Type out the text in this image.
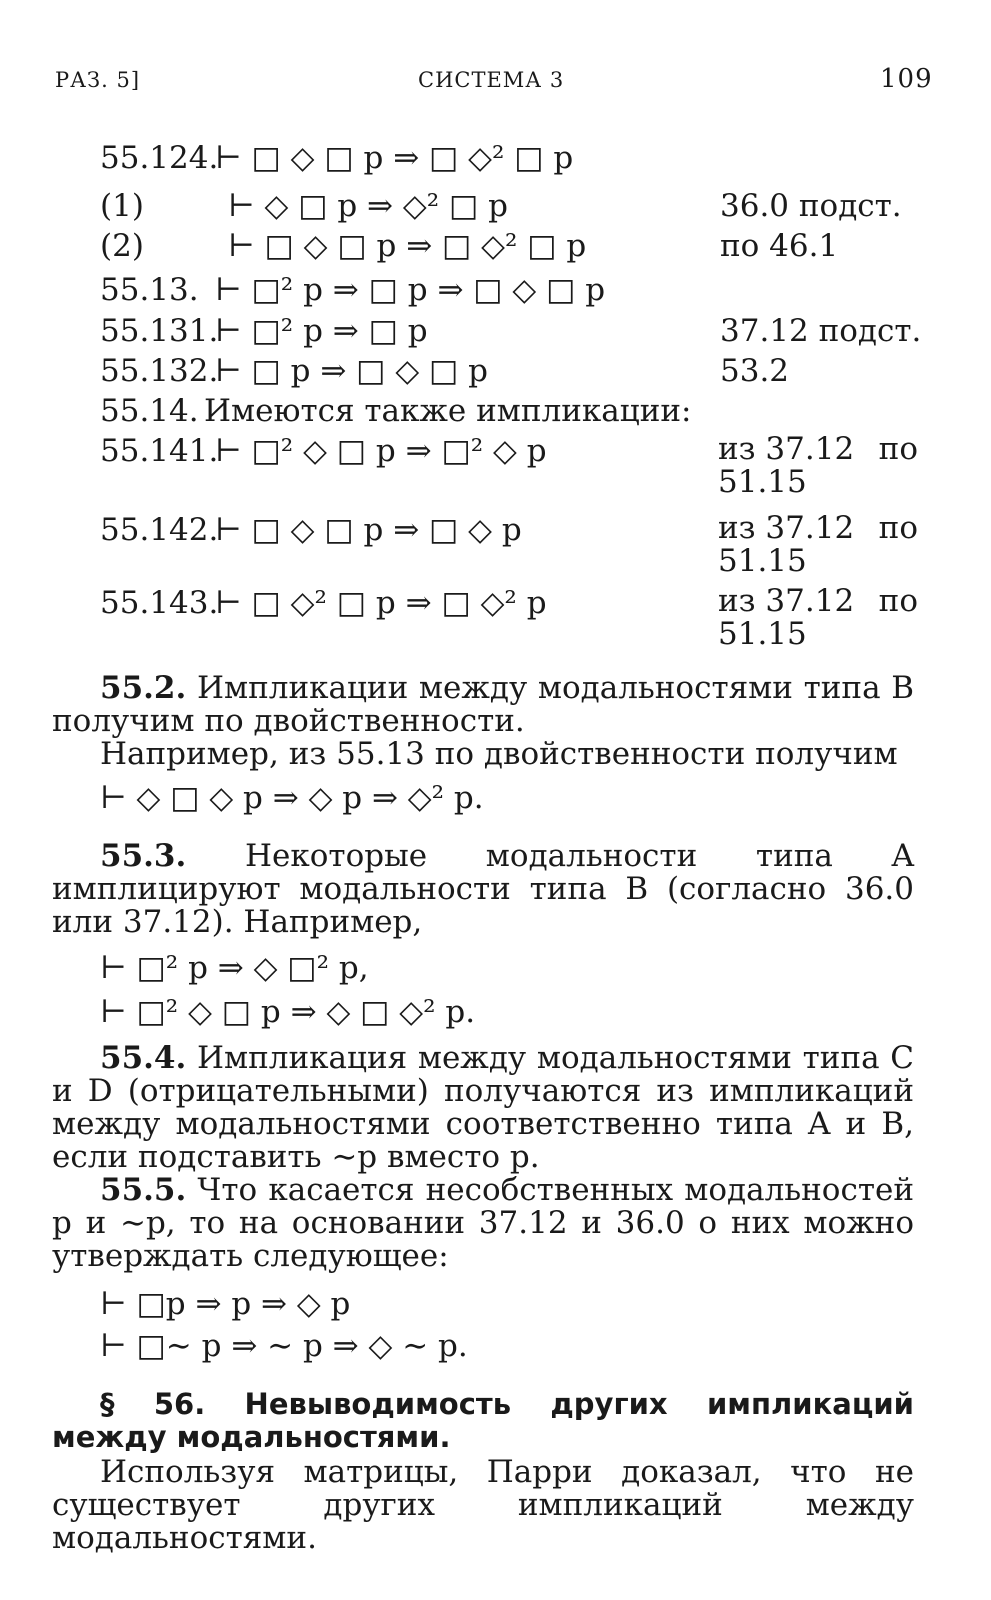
РАЗ. 5]	СИСТЕМА 3	109
55.124.
⊢ □ ◇ □ p ⇒ □ ◇² □ p
(1)	⊢ ◇ □ p ⇒ ◇² □ p	36.0 подст.
(2)	⊢ □ ◇ □ p ⇒ □ ◇² □ p	по 46.1
55.13. ⊢ □² p ⇒ □ p ⇒ □ ◇ □ p
55.131.
⊢ □² p ⇒ □ p	37.12 подст.
55.132.
⊢ □ p ⇒ □ ◇ □ p	53.2
55.14. Имеются также импликации:
55.141.
⊢ □² ◇ □ p ⇒ □² ◇ p	из 37.12 по
51.15
55.142.
⊢ □ ◇ □ p ⇒ □ ◇ p	из 37.12 по
51.15
55.143.
⊢ □ ◇² □ p ⇒ □ ◇² p	из 37.12 по
51.15
55.2. Импликации между модальностями типа B получим по двойственности.
Например, из 55.13 по двойственности получим
⊢ ◇ □ ◇ p ⇒ ◇ p ⇒ ◇² p.
55.3. Некоторые модальности типа A имплицируют модальности типа B (согласно 36.0 или 37.12). Например,
⊢ □² p ⇒ ◇ □² p,
⊢ □² ◇ □ p ⇒ ◇ □ ◇² p.
55.4. Импликация между модальностями типа C и D (отрицательными) получаются из импликаций между модальностями соответственно типа A и B, если подставить ∼p вместо p.
55.5. Что касается несобственных модальностей p и ∼p, то на основании 37.12 и 36.0 о них можно утверждать следующее:
⊢ □p ⇒ p ⇒ ◇ p
⊢ □∼ p ⇒ ∼ p ⇒ ◇ ∼ p.
§ 56. Невыводимость других импликаций между модальностями.
Используя матрицы, Парри доказал, что не существует других импликаций между модальностями.
